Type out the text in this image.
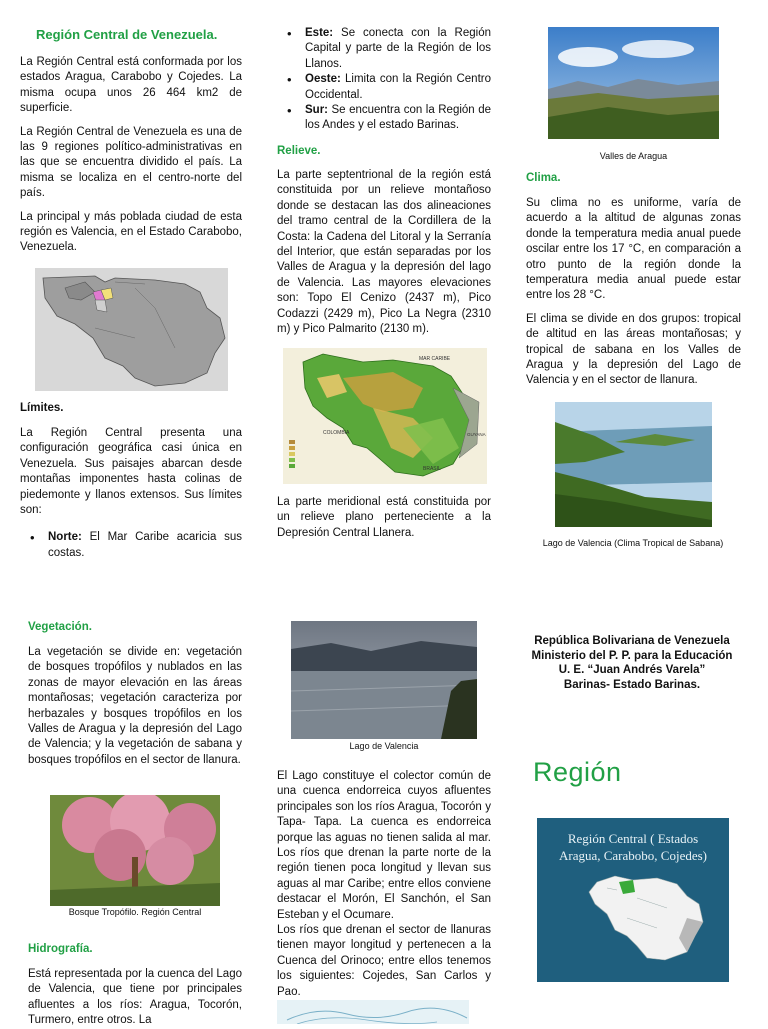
Región Central de Venezuela.

La Región Central está conformada por los estados Aragua, Carabobo y Cojedes. La misma ocupa unos 26 464 km2 de superficie.

La Región Central de Venezuela es una de las 9 regiones político-administrativas en las que se encuentra dividido el país. La misma se localiza en el centro-norte del país.

La principal y más poblada ciudad de esta región es Valencia, en el Estado Carabobo, Venezuela.

Límites.

La Región Central presenta una configuración geográfica casi única en Venezuela. Sus paisajes abarcan desde montañas imponentes hasta colinas de piedemonte y llanos extensos. Sus límites son:

• Norte: El Mar Caribe acaricia sus costas.
• Este: Se conecta con la Región Capital y parte de la Región de los Llanos.
• Oeste: Limita con la Región Centro Occidental.
• Sur: Se encuentra con la Región de los Andes y el estado Barinas.
Relieve.

La parte septentrional de la región está constituida por un relieve montañoso donde se destacan las dos alineaciones del tramo central de la Cordillera de la Costa: la Cadena del Litoral y la Serranía del Interior, que están separadas por los Valles de Aragua y la depresión del lago de Valencia. Las mayores elevaciones son: Topo El Cenizo (2437 m), Pico Codazzi (2429 m), Pico La Negra (2310 m) y Pico Palmarito (2130 m).

MAR CARIBE
COLOMBIA	GUYANA
BRASIL

La parte meridional está constituida por un relieve plano perteneciente a la Depresión Central Llanera.

Valles de Aragua
Clima.

Su clima no es uniforme, varía de acuerdo a la altitud de algunas zonas donde la temperatura media anual puede oscilar entre los 17 °C, en comparación a otro punto de la región donde la temperatura media anual puede estar entre los 28 °C.

El clima se divide en dos grupos: tropical de altitud en las áreas montañosas; y tropical de sabana en los Valles de Aragua y la depresión del Lago de Valencia y en el sector de llanura.

Lago de Valencia (Clima Tropical de Sabana)
Vegetación.

La vegetación se divide en: vegetación de bosques tropófilos y nublados en las zonas de mayor elevación en las áreas montañosas; vegetación caracteriza por herbazales y bosques tropófilos en los Valles de Aragua y la depresión del Lago de Valencia; y la vegetación de sabana y bosques tropófilos en el sector de llanura.

Bosque Tropófilo. Región Central
Hidrografía.

Está representada por la cuenca del Lago de Valencia, que tiene por principales afluentes a los ríos: Aragua, Tocorón, Turmero, entre otros. La

Lago de Valencia

El Lago constituye el colector común de una cuenca endorreica cuyos afluentes principales son los ríos Aragua, Tocorón y Tapa- Tapa. La cuenca es endorreica porque las aguas no tienen salida al mar. Los ríos que drenan la parte norte de la región tienen poca longitud y llevan sus aguas al mar Caribe; entre ellos conviene destacar el Morón, El Sanchón, el San Esteban y el Ocumare.

Los ríos que drenan el sector de llanuras tienen mayor longitud y pertenecen a la Cuenca del Orinoco; entre ellos tenemos los siguientes: Cojedes, San Carlos y Pao.

República Bolivariana de Venezuela
Ministerio del P. P. para la Educación
U. E. “Juan Andrés Varela”
Barinas- Estado Barinas.
Región
Región Central ( Estados Aragua, Carabobo, Cojedes)
